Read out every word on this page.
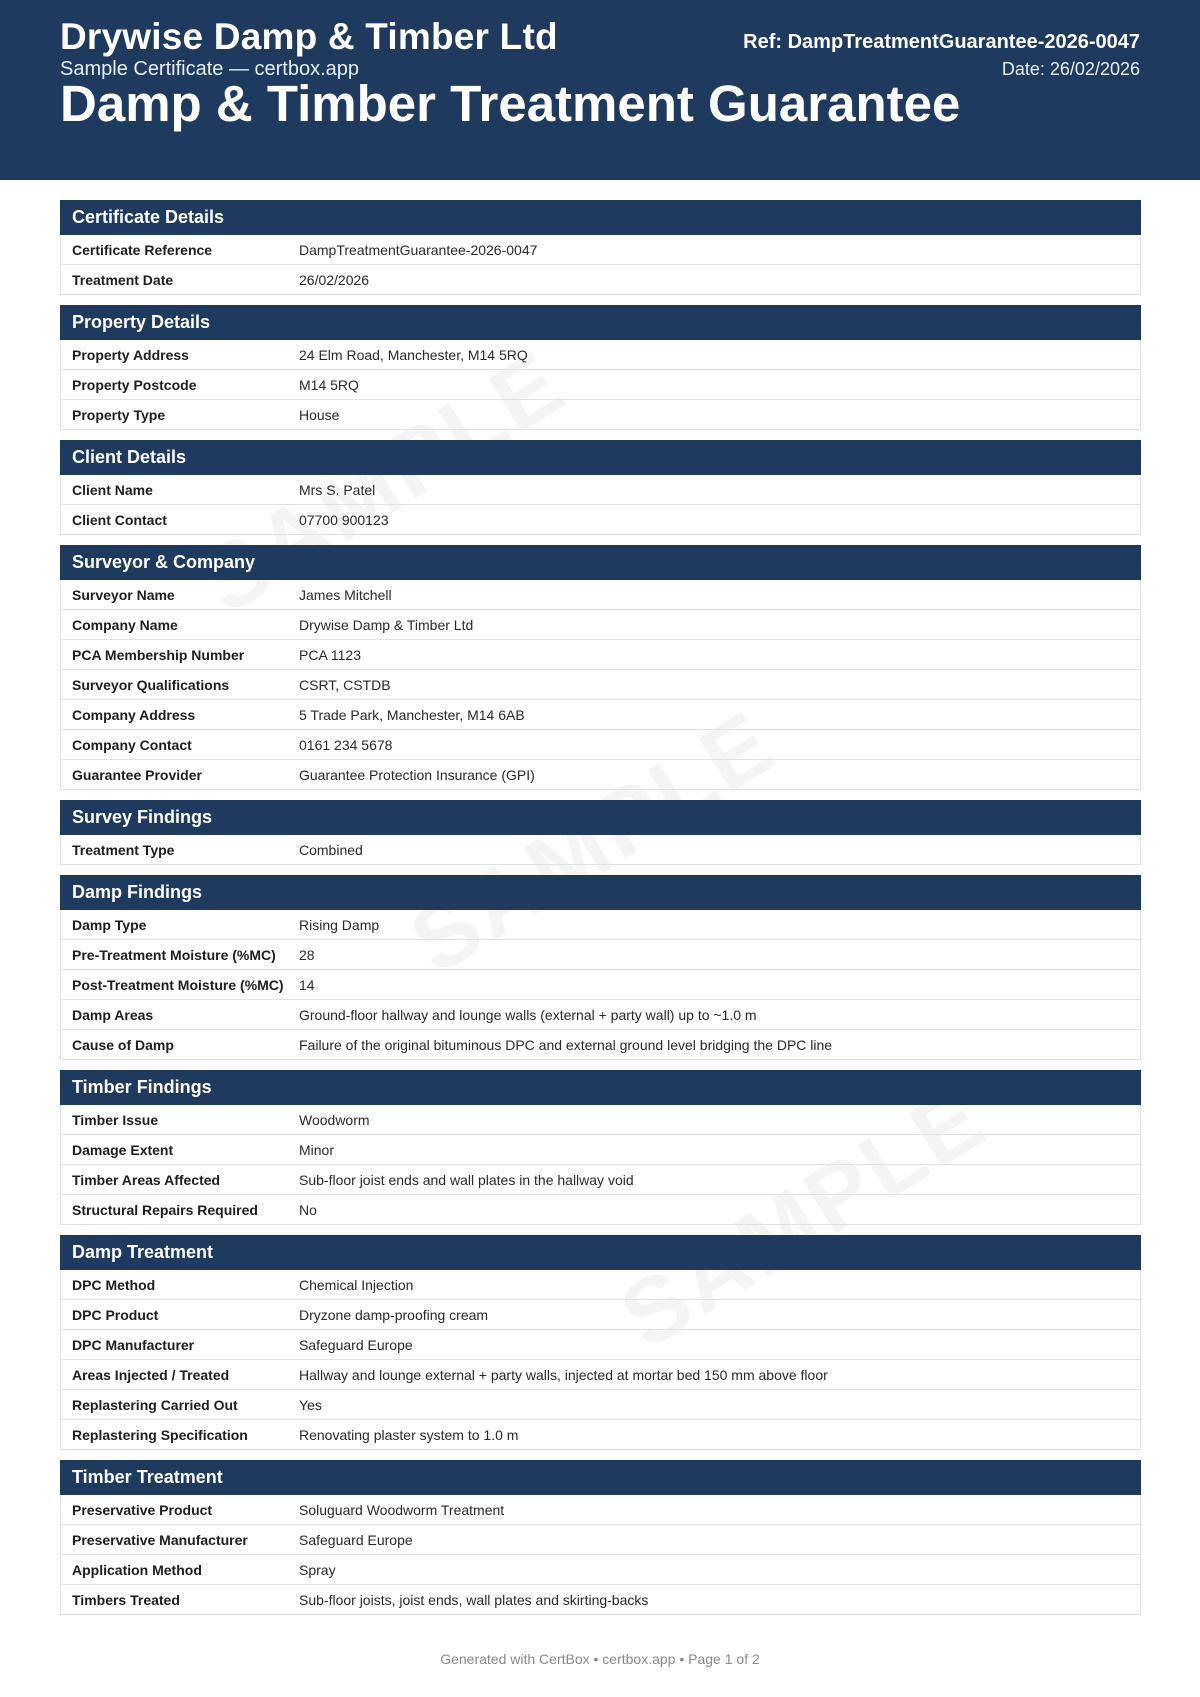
Drywise Damp & Timber Ltd
Sample Certificate — certbox.app
Damp & Timber Treatment Guarantee
Ref: DampTreatmentGuarantee-2026-0047
Date: 26/02/2026
Certificate Details
Certificate Reference	DampTreatmentGuarantee-2026-0047
Treatment Date	26/02/2026
Property Details
Property Address	24 Elm Road, Manchester, M14 5RQ
Property Postcode	M14 5RQ
Property Type	House
Client Details
Client Name	Mrs S. Patel
Client Contact	07700 900123
Surveyor & Company
Surveyor Name	James Mitchell
Company Name	Drywise Damp & Timber Ltd
PCA Membership Number	PCA 1123
Surveyor Qualifications	CSRT, CSTDB
Company Address	5 Trade Park, Manchester, M14 6AB
Company Contact	0161 234 5678
Guarantee Provider	Guarantee Protection Insurance (GPI)
Survey Findings
Treatment Type	Combined
Damp Findings
Damp Type	Rising Damp
Pre-Treatment Moisture (%MC)	28
Post-Treatment Moisture (%MC)	14
Damp Areas	Ground-floor hallway and lounge walls (external + party wall) up to ~1.0 m
Cause of Damp	Failure of the original bituminous DPC and external ground level bridging the DPC line
Timber Findings
Timber Issue	Woodworm
Damage Extent	Minor
Timber Areas Affected	Sub-floor joist ends and wall plates in the hallway void
Structural Repairs Required	No
Damp Treatment
DPC Method	Chemical Injection
DPC Product	Dryzone damp-proofing cream
DPC Manufacturer	Safeguard Europe
Areas Injected / Treated	Hallway and lounge external + party walls, injected at mortar bed 150 mm above floor
Replastering Carried Out	Yes
Replastering Specification	Renovating plaster system to 1.0 m
Timber Treatment
Preservative Product	Soluguard Woodworm Treatment
Preservative Manufacturer	Safeguard Europe
Application Method	Spray
Timbers Treated	Sub-floor joists, joist ends, wall plates and skirting-backs
Generated with CertBox • certbox.app • Page 1 of 2
